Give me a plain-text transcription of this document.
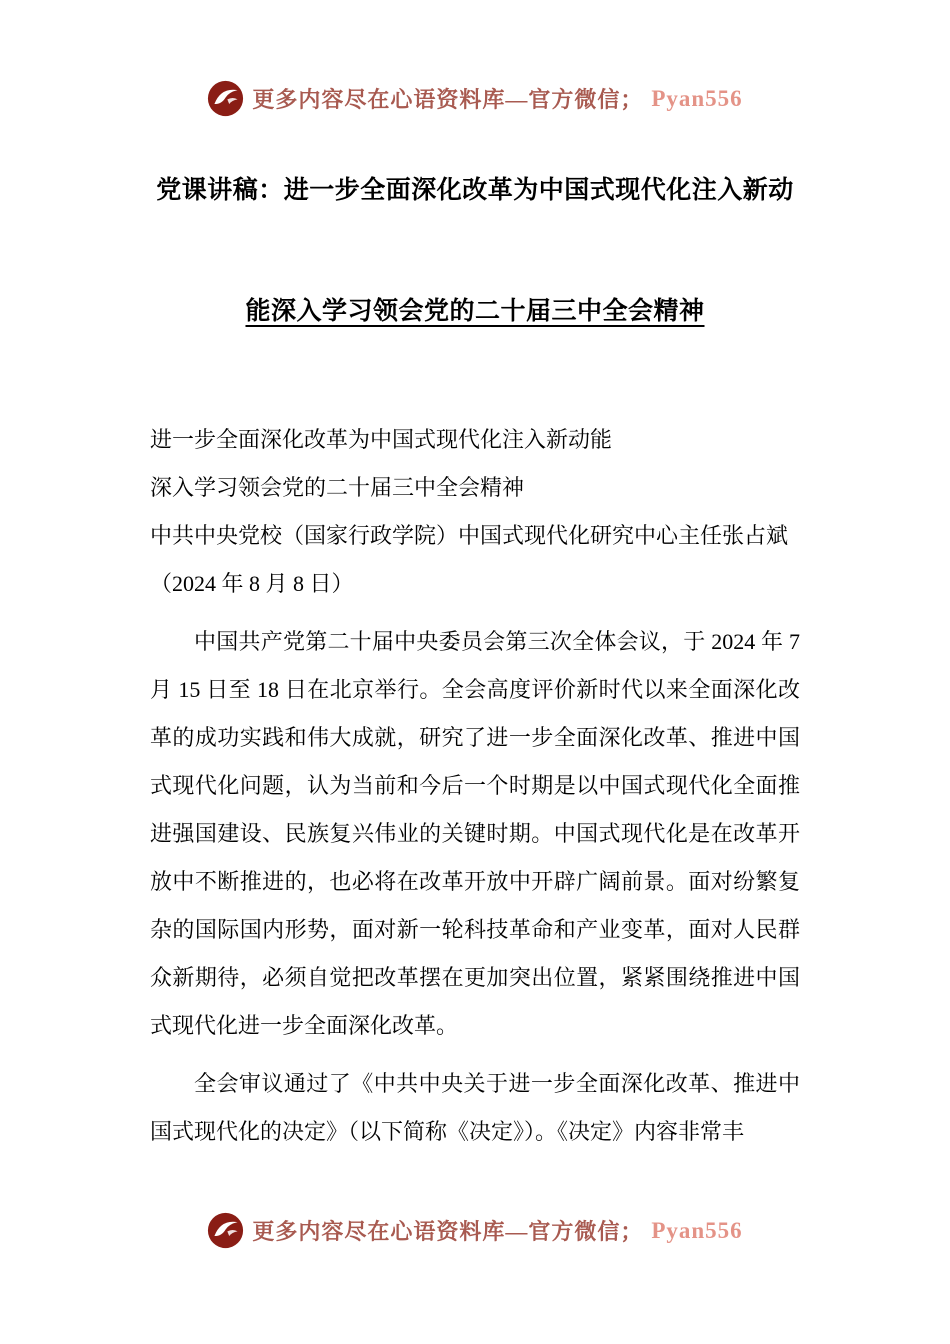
更多内容尽在心语资料库—官方微信； Pyan556
党课讲稿：进一步全面深化改革为中国式现代化注入新动
能深入学习领会党的二十届三中全会精神
进一步全面深化改革为中国式现代化注入新动能
深入学习领会党的二十届三中全会精神
中共中央党校（国家行政学院）中国式现代化研究中心主任张占斌
（2024 年 8 月 8 日）

中国共产党第二十届中央委员会第三次全体会议，于 2024 年 7 月 15 日至 18 日在北京举行。全会高度评价新时代以来全面深化改革的成功实践和伟大成就，研究了进一步全面深化改革、推进中国式现代化问题，认为当前和今后一个时期是以中国式现代化全面推进强国建设、民族复兴伟业的关键时期。中国式现代化是在改革开放中不断推进的，也必将在改革开放中开辟广阔前景。面对纷繁复杂的国际国内形势，面对新一轮科技革命和产业变革，面对人民群众新期待，必须自觉把改革摆在更加突出位置，紧紧围绕推进中国式现代化进一步全面深化改革。

全会审议通过了《中共中央关于进一步全面深化改革、推进中国式现代化的决定》（以下简称《决定》）。《决定》内容非常丰

更多内容尽在心语资料库—官方微信； Pyan556
